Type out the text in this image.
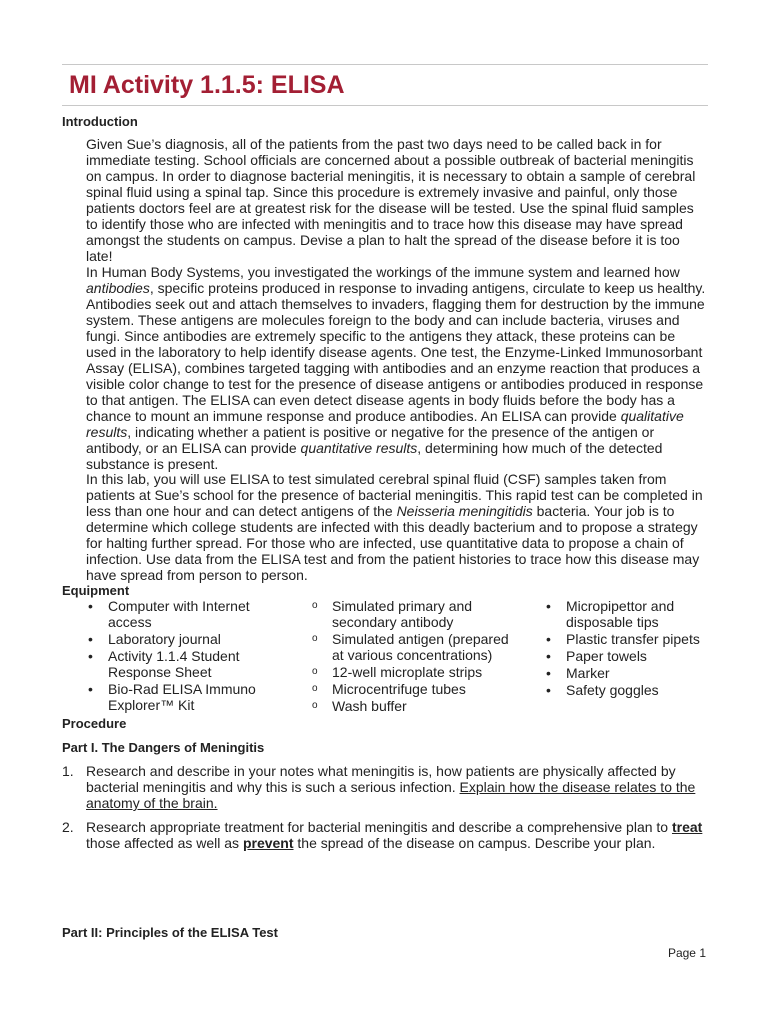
MI Activity 1.1.5: ELISA
Introduction

Given Sue’s diagnosis, all of the patients from the past two days need to be called back in for immediate testing. School officials are concerned about a possible outbreak of bacterial meningitis on campus. In order to diagnose bacterial meningitis, it is necessary to obtain a sample of cerebral spinal fluid using a spinal tap. Since this procedure is extremely invasive and painful, only those patients doctors feel are at greatest risk for the disease will be tested. Use the spinal fluid samples to identify those who are infected with meningitis and to trace how this disease may have spread amongst the students on campus. Devise a plan to halt the spread of the disease before it is too late!

In Human Body Systems, you investigated the workings of the immune system and learned how antibodies, specific proteins produced in response to invading antigens, circulate to keep us healthy. Antibodies seek out and attach themselves to invaders, flagging them for destruction by the immune system. These antigens are molecules foreign to the body and can include bacteria, viruses and fungi. Since antibodies are extremely specific to the antigens they attack, these proteins can be used in the laboratory to help identify disease agents. One test, the Enzyme-Linked Immunosorbant Assay (ELISA), combines targeted tagging with antibodies and an enzyme reaction that produces a visible color change to test for the presence of disease antigens or antibodies produced in response to that antigen. The ELISA can even detect disease agents in body fluids before the body has a chance to mount an immune response and produce antibodies. An ELISA can provide qualitative results, indicating whether a patient is positive or negative for the presence of the antigen or antibody, or an ELISA can provide quantitative results, determining how much of the detected substance is present.

In this lab, you will use ELISA to test simulated cerebral spinal fluid (CSF) samples taken from patients at Sue’s school for the presence of bacterial meningitis. This rapid test can be completed in less than one hour and can detect antigens of the Neisseria meningitidis bacteria. Your job is to determine which college students are infected with this deadly bacterium and to propose a strategy for halting further spread. For those who are infected, use quantitative data to propose a chain of infection. Use data from the ELISA test and from the patient histories to trace how this disease may have spread from person to person.

Equipment
• Computer with Internet access
• Laboratory journal
• Activity 1.1.4 Student Response Sheet
• Bio-Rad ELISA Immuno Explorer™ Kit
o Simulated primary and secondary antibody
o Simulated antigen (prepared at various concentrations)
o 12-well microplate strips
o Microcentrifuge tubes
o Wash buffer
• Micropipettor and disposable tips
• Plastic transfer pipets
• Paper towels
• Marker
• Safety goggles
Procedure
Part I. The Dangers of Meningitis

1. Research and describe in your notes what meningitis is, how patients are physically affected by bacterial meningitis and why this is such a serious infection. Explain how the disease relates to the anatomy of the brain.

2. Research appropriate treatment for bacterial meningitis and describe a comprehensive plan to treat those affected as well as prevent the spread of the disease on campus. Describe your plan.

Part II: Principles of the ELISA Test

Page 1
